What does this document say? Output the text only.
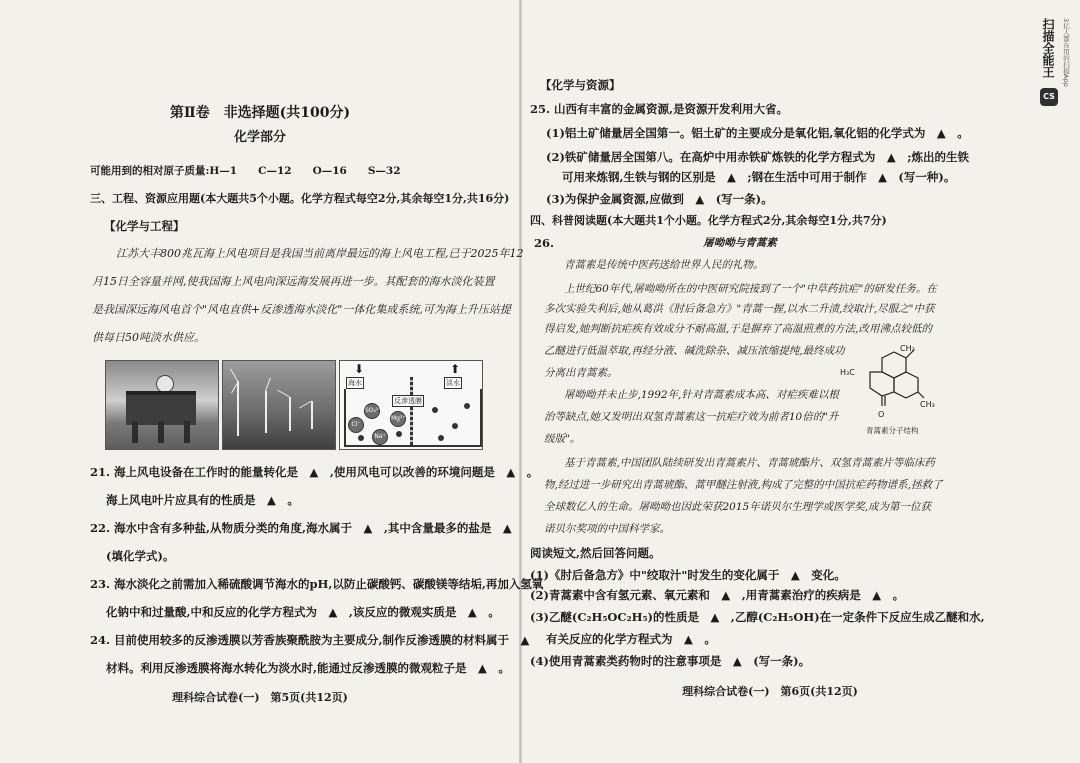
第Ⅱ卷　非选择题(共100分)
化学部分
可能用到的相对原子质量:H—1　　C—12　　O—16　　S—32
三、工程、资源应用题(本大题共5个小题。化学方程式每空2分,其余每空1分,共16分)
【化学与工程】
江苏大丰800兆瓦海上风电项目是我国当前离岸最远的海上风电工程,已于2025年12
月15日全容量并网,使我国海上风电向深远海发展再进一步。其配套的海水淡化装置
是我国深远海风电首个"风电直供+反渗透海水淡化"一体化集成系统,可为海上升压站提
供每日50吨淡水供应。
⬇	⬆
海水	淡水
反渗透膜
SO₄²⁻
Cl⁻
Mg²⁺
Na⁺
21. 海上风电设备在工作时的能量转化是　▲　,使用风电可以改善的环境问题是　▲　。
海上风电叶片应具有的性质是　▲　。
22. 海水中含有多种盐,从物质分类的角度,海水属于　▲　,其中含量最多的盐是　▲
(填化学式)。
23. 海水淡化之前需加入稀硫酸调节海水的pH,以防止碳酸钙、碳酸镁等结垢,再加入氢氧
化钠中和过量酸,中和反应的化学方程式为　▲　,该反应的微观实质是　▲　。
24. 目前使用较多的反渗透膜以芳香族聚酰胺为主要成分,制作反渗透膜的材料属于　▲
材料。利用反渗透膜将海水转化为淡水时,能通过反渗透膜的微观粒子是　▲　。
理科综合试卷(一)　第5页(共12页)
【化学与资源】
25. 山西有丰富的金属资源,是资源开发利用大省。
(1)铝土矿储量居全国第一。铝土矿的主要成分是氧化铝,氧化铝的化学式为　▲　。
(2)铁矿储量居全国第八。在高炉中用赤铁矿炼铁的化学方程式为　▲　;炼出的生铁
可用来炼钢,生铁与钢的区别是　▲　;钢在生活中可用于制作　▲　(写一种)。
(3)为保护金属资源,应做到　▲　(写一条)。
四、科普阅读题(本大题共1个小题。化学方程式2分,其余每空1分,共7分)
26.	屠呦呦与青蒿素
青蒿素是传统中医药送给世界人民的礼物。
上世纪60年代,屠呦呦所在的中医研究院接到了一个"中草药抗疟"的研发任务。在
多次实验失利后,她从葛洪《肘后备急方》"青蒿一握,以水二升渍,绞取汁,尽服之"中获
得启发,她判断抗疟疾有效成分不耐高温,于是摒弃了高温煎煮的方法,改用沸点较低的
乙醚进行低温萃取,再经分液、碱洗除杂、减压浓缩提纯,最终成功
分离出青蒿素。
屠呦呦并未止步,1992年,针对青蒿素成本高、对疟疾难以根
治等缺点,她又发明出双氢青蒿素这一抗疟疗效为前者10倍的"升
级版"。
基于青蒿素,中国团队陆续研发出青蒿素片、青蒿琥酯片、双氢青蒿素片等临床药
物,经过进一步研究出青蒿琥酯、蒿甲醚注射液,构成了完整的中国抗疟药物谱系,拯救了
全球数亿人的生命。屠呦呦也因此荣获2015年诺贝尔生理学或医学奖,成为第一位获
诺贝尔奖项的中国科学家。
阅读短文,然后回答问题。
(1)《肘后备急方》中"绞取汁"时发生的变化属于　▲　变化。
(2)青蒿素中含有氢元素、氧元素和　▲　,用青蒿素治疗的疾病是　▲　。
(3)乙醚(C₂H₅OC₂H₅)的性质是　▲　,乙醇(C₂H₅OH)在一定条件下反应生成乙醚和水,
有关反应的化学方程式为　▲　。
(4)使用青蒿素类药物时的注意事项是　▲　(写一条)。
理科综合试卷(一)　第6页(共12页)
CH₃
H₃C
CH₃
O
青蒿素分子结构
CS
扫描全能王	3亿人都在用的扫描App
